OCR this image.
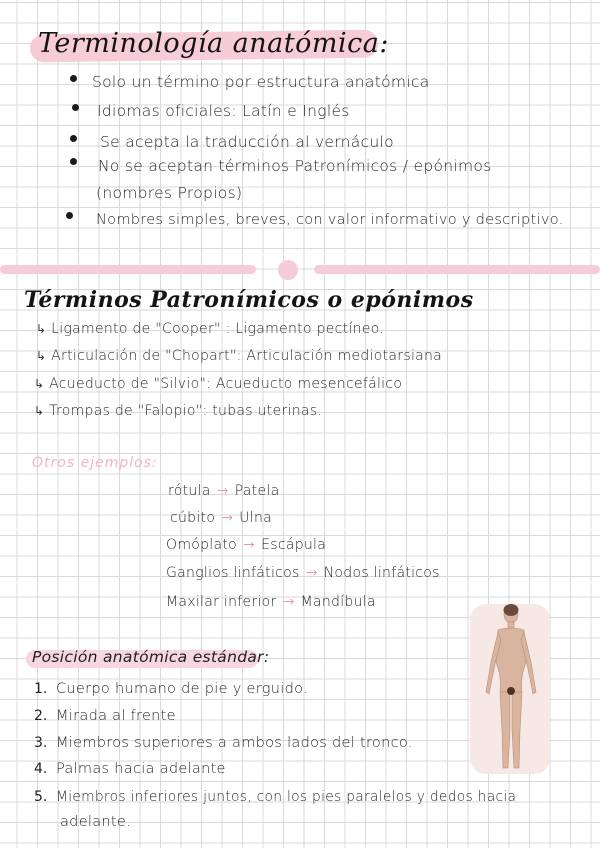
Terminología anatómica:
Solo un término por estructura anatómica
Idiomas oficiales: Latín e Inglés
Se acepta la traducción al vernáculo
No se aceptan términos Patronímicos / epónimos
(nombres Propios)
Nombres simples, breves, con valor informativo y descriptivo.
Términos Patronímicos o epónimos
↳ Ligamento de "Cooper" : Ligamento pectíneo.
↳ Articulación de "Chopart": Articulación mediotarsiana
↳ Acueducto de "Silvio": Acueducto mesencefálico
↳ Trompas de "Falopio": tubas uterinas.
Otros ejemplos:
rótula → Patela
cúbito → Ulna
Omóplato → Escápula
Ganglios linfáticos → Nodos linfáticos
Maxilar inferior → Mandíbula
Posición anatómica estándar:
1. Cuerpo humano de pie y erguido.
2. Mirada al frente
3. Miembros superiores a ambos lados del tronco.
4. Palmas hacia adelante
5. Miembros inferiores juntos, con los pies paralelos y dedos hacia
adelante.
